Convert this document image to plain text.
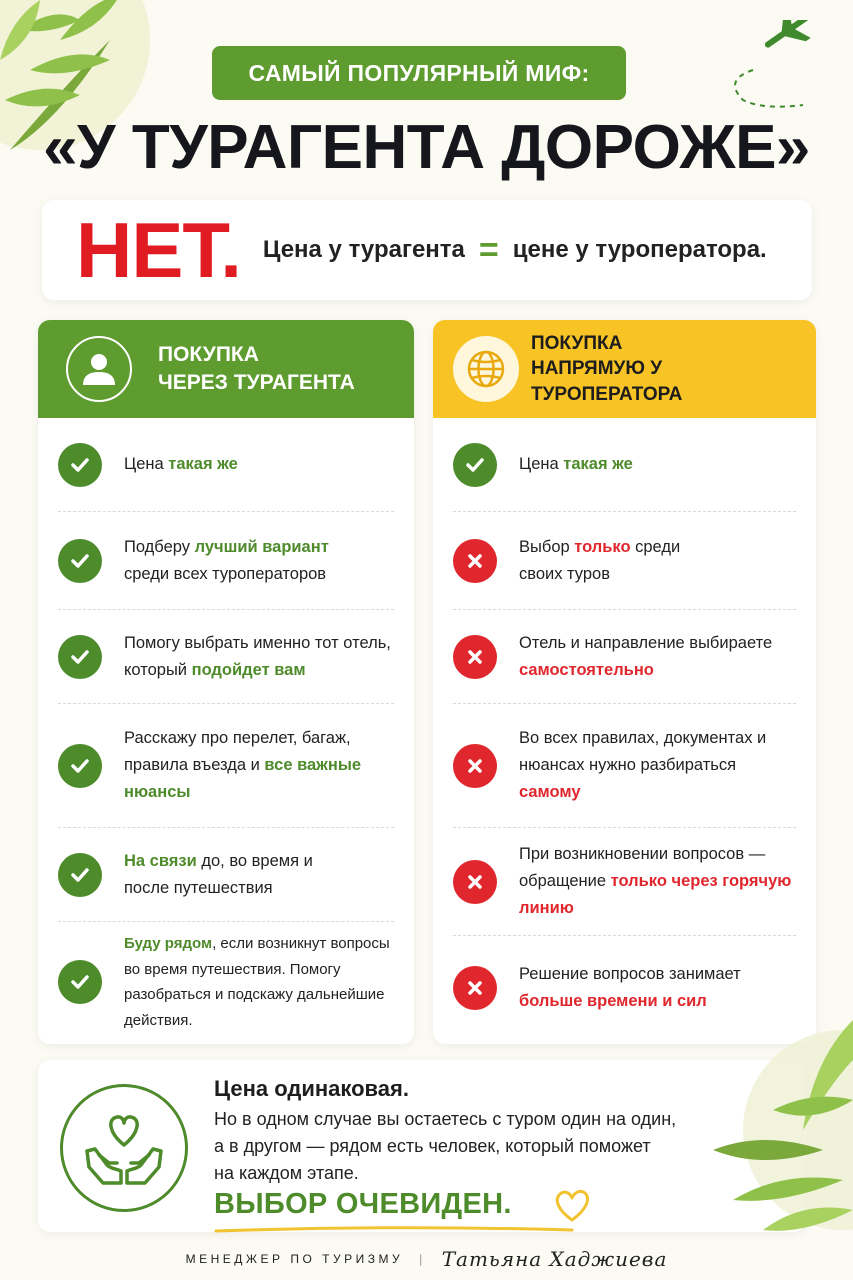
САМЫЙ ПОПУЛЯРНЫЙ МИФ:
«У ТУРАГЕНТА ДОРОЖЕ»
НЕТ. Цена у турагента = цене у туроператора.
ПОКУПКА
ЧЕРЕЗ ТУРАГЕНТА
Цена такая же
Подберу лучший вариант среди всех туроператоров
Помогу выбрать именно тот отель, который подойдет вам
Расскажу про перелет, багаж, правила въезда и все важные нюансы
На связи до, во время и после путешествия
Буду рядом, если возникнут вопросы во время путешествия. Помогу разобраться и подскажу дальнейшие действия.
ПОКУПКА
НАПРЯМУЮ У ТУРОПЕРАТОРА
Цена такая же
Выбор только среди своих туров
Отель и направление выбираете самостоятельно
Во всех правилах, документах и нюансах нужно разбираться самому
При возникновении вопросов — обращение только через горячую линию
Решение вопросов занимает больше времени и сил
Цена одинаковая.
Но в одном случае вы остаетесь с туром один на один,
а в другом — рядом есть человек, который поможет
на каждом этапе.
ВЫБОР ОЧЕВИДЕН.
МЕНЕДЖЕР ПО ТУРИЗМУ | Татьяна Хаджиева
